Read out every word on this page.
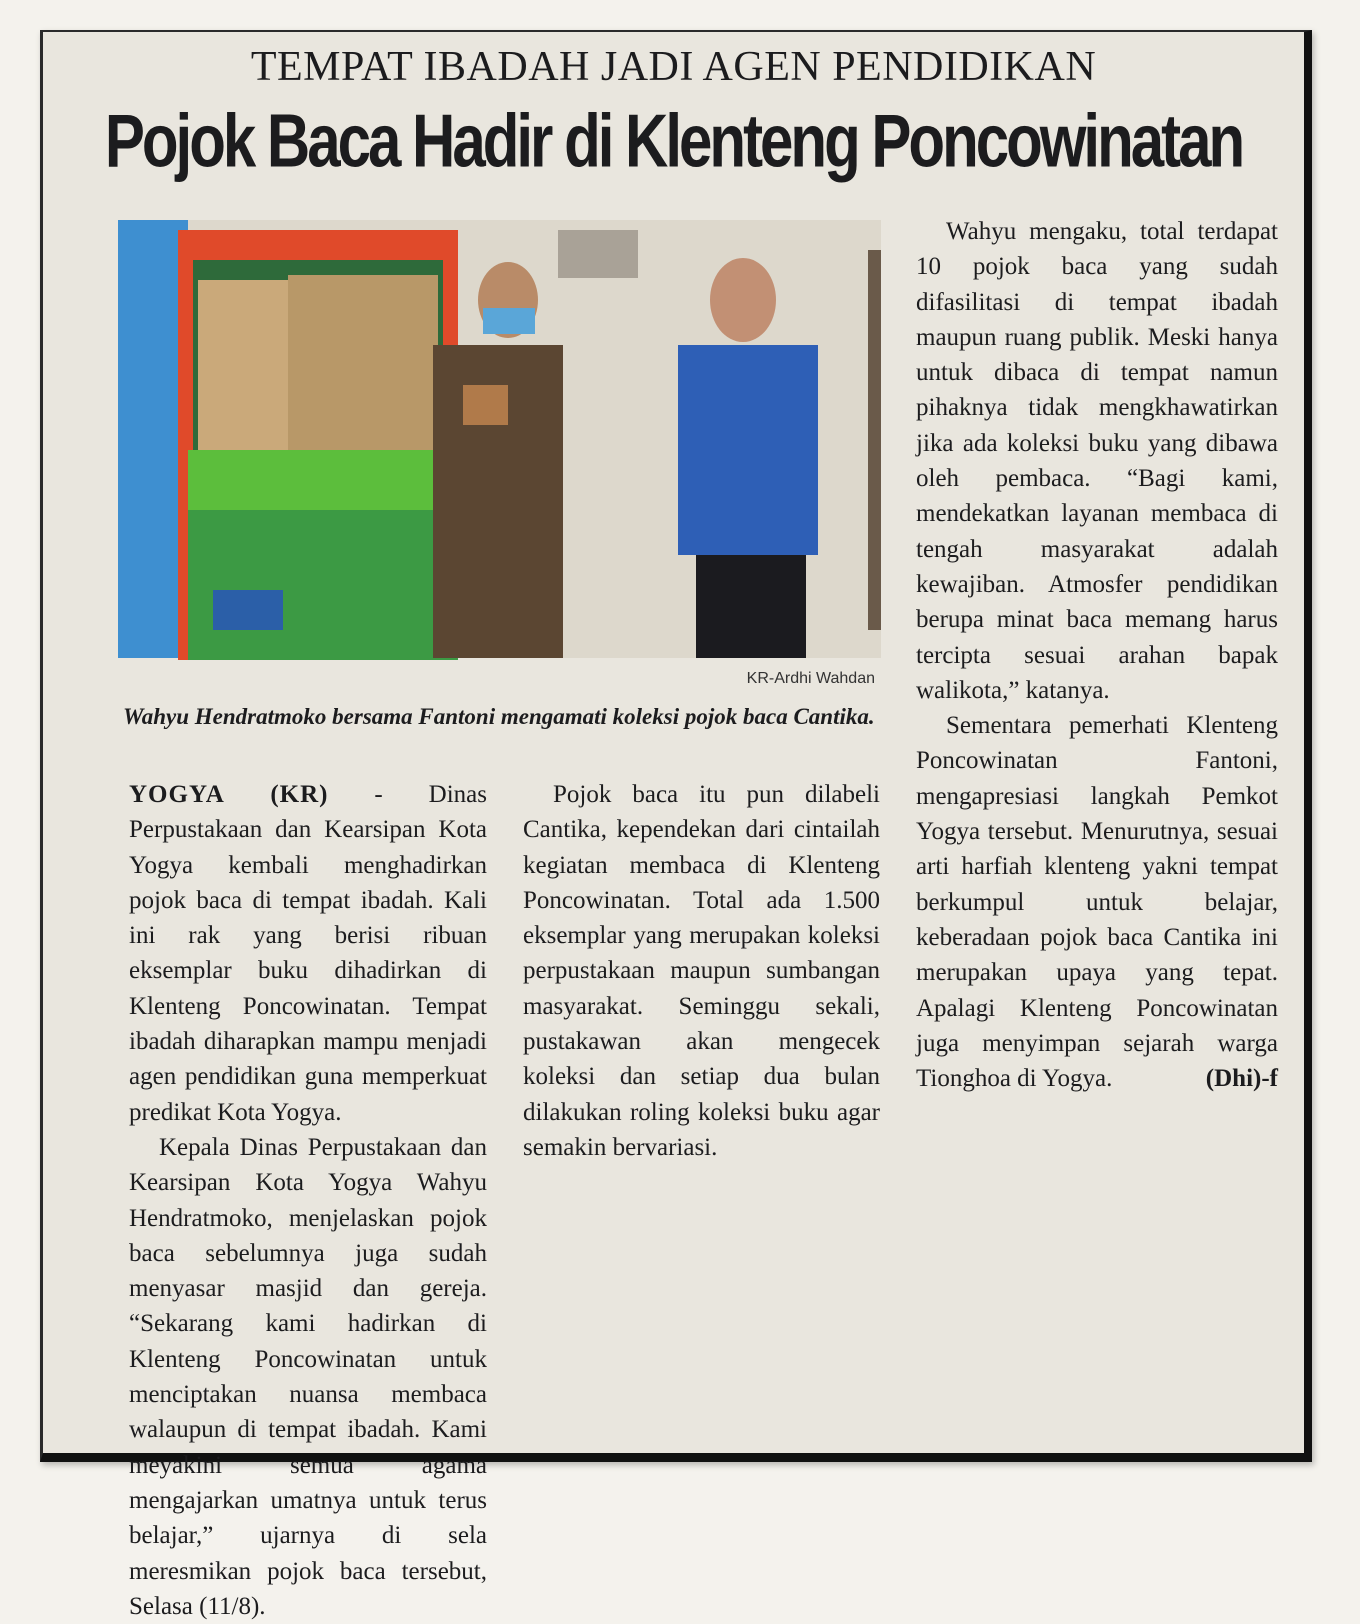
TEMPAT IBADAH JADI AGEN PENDIDIKAN
Pojok Baca Hadir di Klenteng Poncowinatan
KR-Ardhi Wahdan
Wahyu Hendratmoko bersama Fantoni mengamati koleksi pojok baca Cantika.

YOGYA (KR) - Dinas Perpustakaan dan Kearsipan Kota Yogya kembali menghadirkan pojok baca di tempat ibadah. Kali ini rak yang berisi ribuan eksemplar buku dihadirkan di Klenteng Poncowinatan. Tempat ibadah diharapkan mampu menjadi agen pendidikan guna memperkuat predikat Kota Yogya.

Kepala Dinas Perpustakaan dan Kearsipan Kota Yogya Wahyu Hendratmoko, menjelaskan pojok baca sebelumnya juga sudah menyasar masjid dan gereja. “Sekarang kami hadirkan di Klenteng Poncowinatan untuk menciptakan nuansa membaca walaupun di tempat ibadah. Kami meyakini semua agama mengajarkan umatnya untuk terus belajar,” ujarnya di sela meresmikan pojok baca tersebut, Selasa (11/8).

Pojok baca itu pun dilabeli Cantika, kependekan dari cintailah kegiatan membaca di Klenteng Poncowinatan. Total ada 1.500 eksemplar yang merupakan koleksi perpustakaan maupun sumbangan masyarakat. Seminggu sekali, pustakawan akan mengecek koleksi dan setiap dua bulan dilakukan roling koleksi buku agar semakin bervariasi.

Wahyu mengaku, total terdapat 10 pojok baca yang sudah difasilitasi di tempat ibadah maupun ruang publik. Meski hanya untuk dibaca di tempat namun pihaknya tidak mengkhawatirkan jika ada koleksi buku yang dibawa oleh pembaca. “Bagi kami, mendekatkan layanan membaca di tengah masyarakat adalah kewajiban. Atmosfer pendidikan berupa minat baca memang harus tercipta sesuai arahan bapak walikota,” katanya.

Sementara pemerhati Klenteng Poncowinatan Fantoni, mengapresiasi langkah Pemkot Yogya tersebut. Menurutnya, sesuai arti harfiah klenteng yakni tempat berkumpul untuk belajar, keberadaan pojok baca Cantika ini merupakan upaya yang tepat. Apalagi Klenteng Poncowinatan juga menyimpan sejarah warga Tionghoa di Yogya.	(Dhi)-f
